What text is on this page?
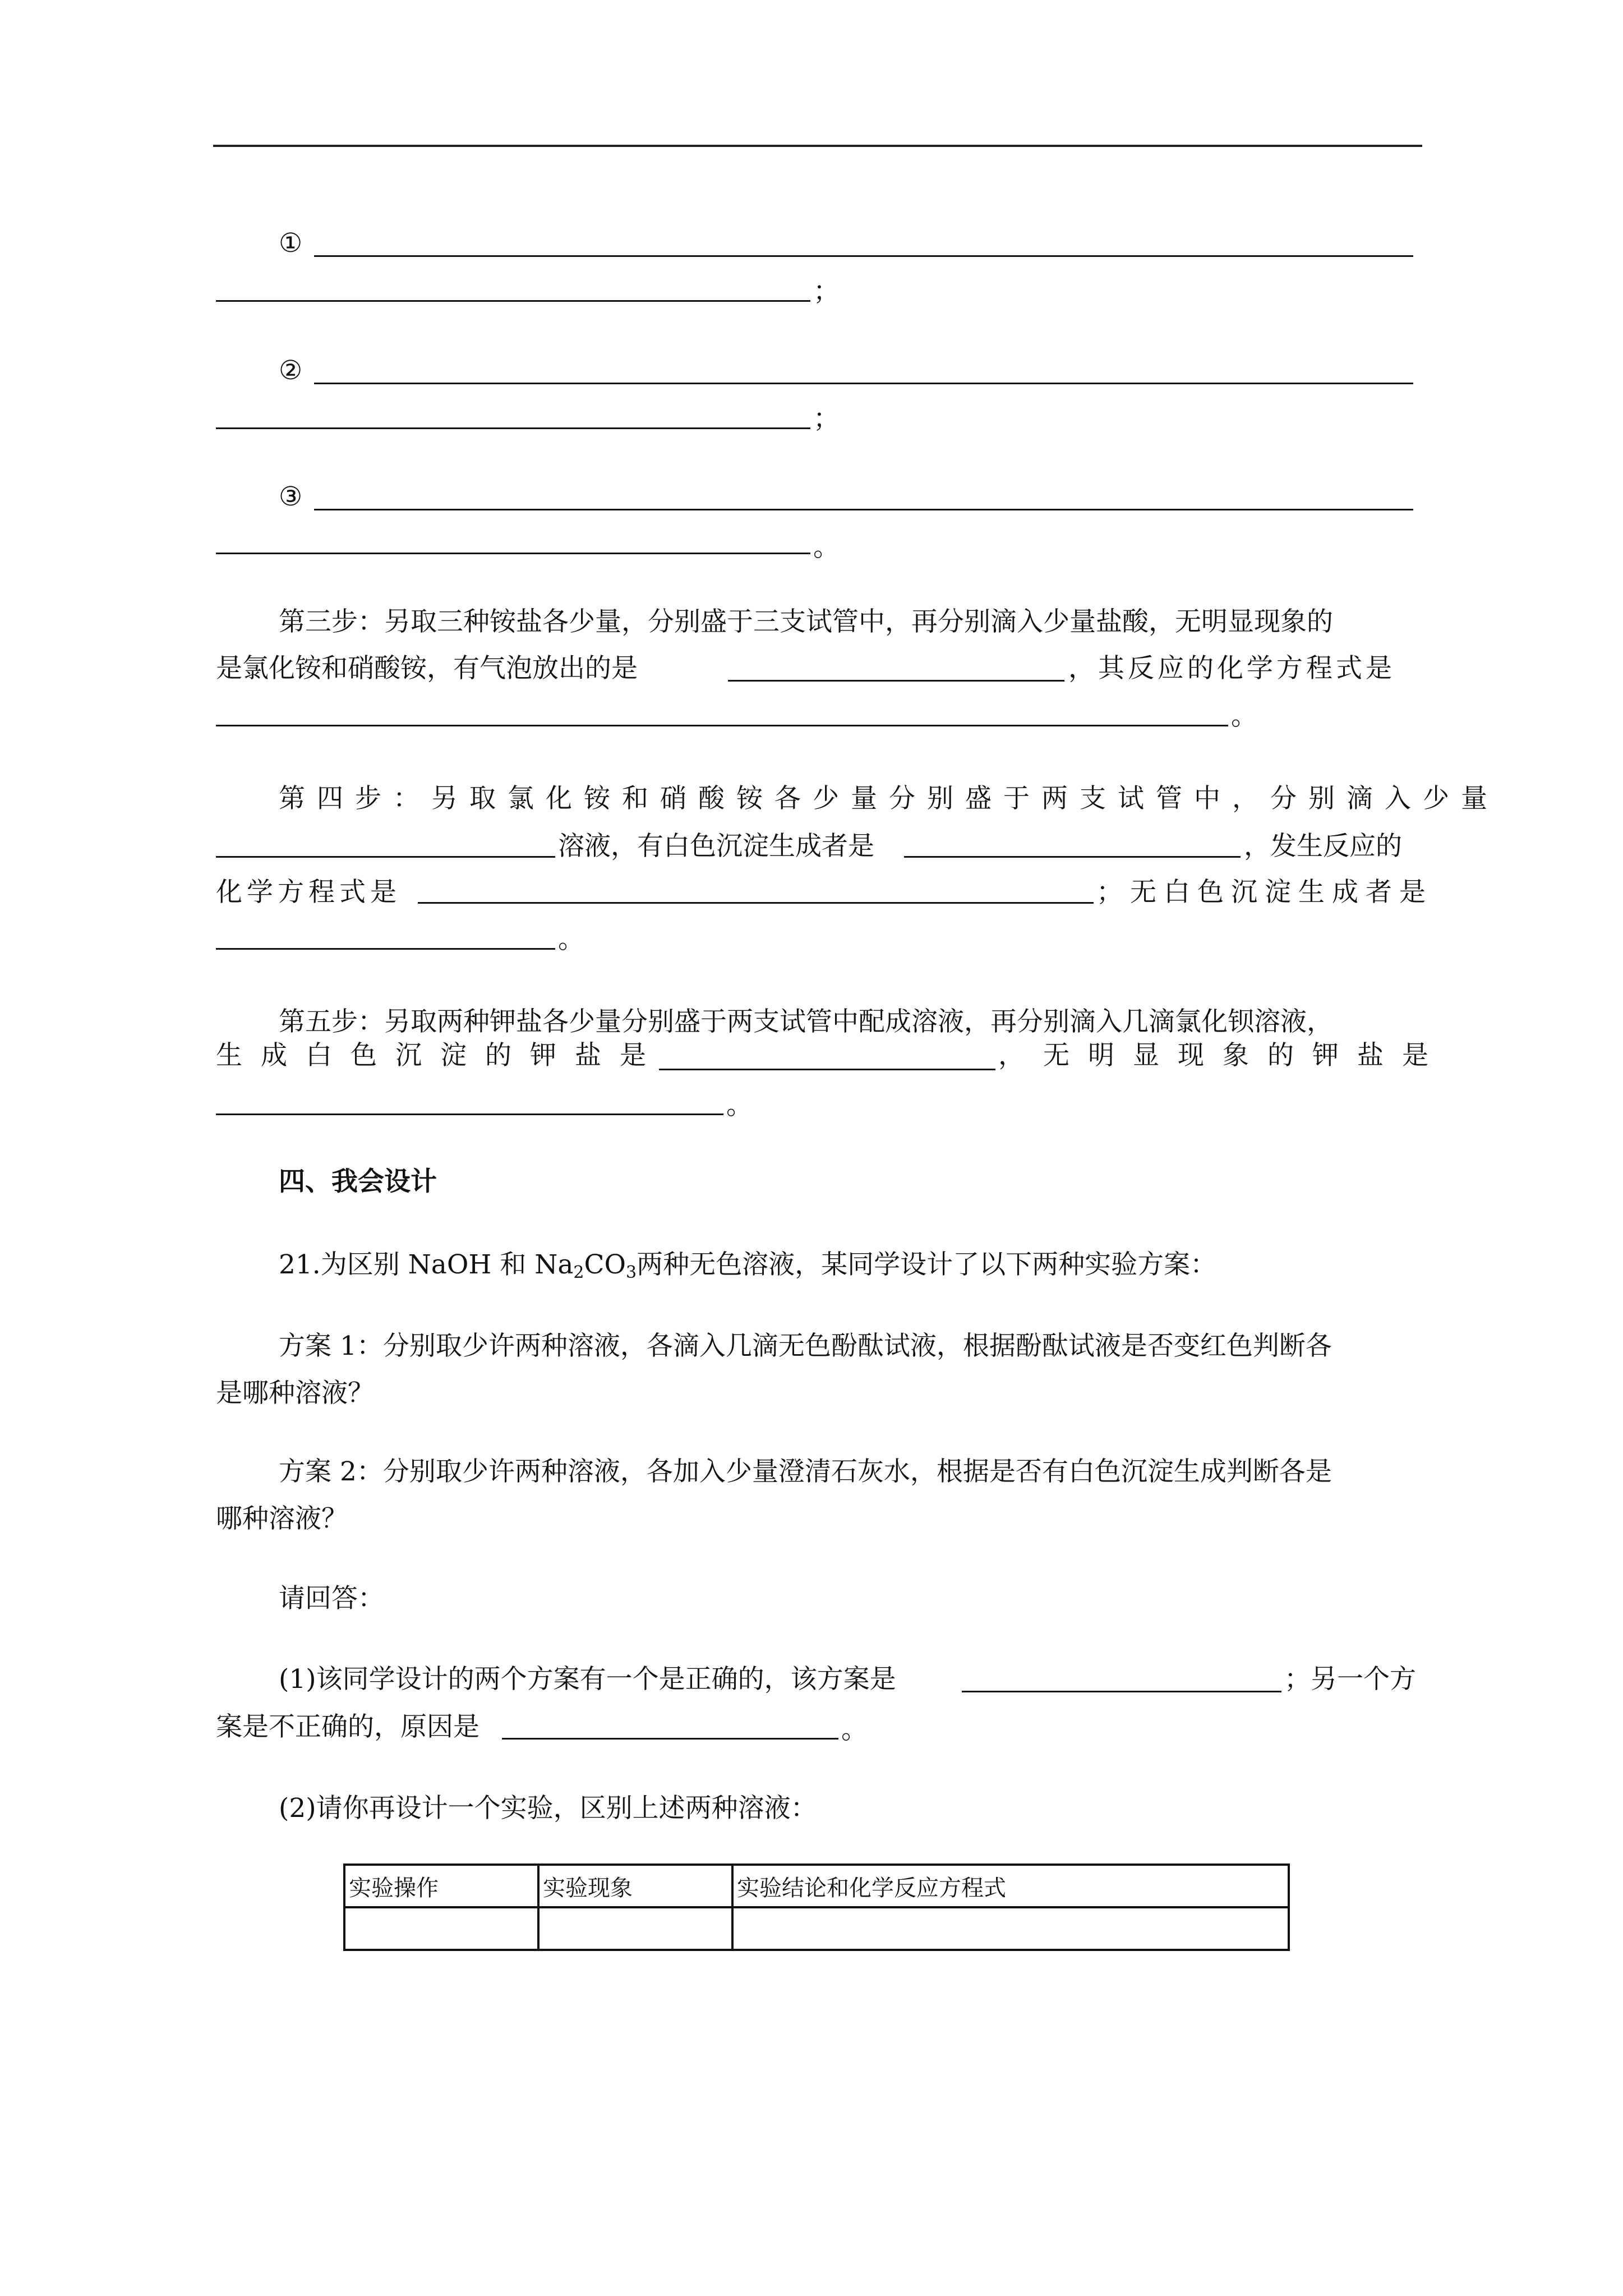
①
；
②
；
③
。
第三步：另取三种铵盐各少量，分别盛于三支试管中，再分别滴入少量盐酸，无明显现象的
是氯化铵和硝酸铵，有气泡放出的是	，其反应的化学方程式是
。
第四步：另取氯化铵和硝酸铵各少量分别盛于两支试管中，分别滴入少量
溶液，有白色沉淀生成者是	，发生反应的
化学方程式是	；无白色沉淀生成者是
。
第五步：另取两种钾盐各少量分别盛于两支试管中配成溶液，再分别滴入几滴氯化钡溶液，
生成白色沉淀的钾盐是	，无明显现象的钾盐是
。
四、我会设计
21.为区别 NaOH 和 $Na_2CO_3$两种无色溶液，某同学设计了以下两种实验方案：
方案 1：分别取少许两种溶液，各滴入几滴无色酚酞试液，根据酚酞试液是否变红色判断各
是哪种溶液？
方案 2：分别取少许两种溶液，各加入少量澄清石灰水，根据是否有白色沉淀生成判断各是
哪种溶液？
请回答：
(1)该同学设计的两个方案有一个是正确的，该方案是	；另一个方
案是不正确的，原因是	。
(2)请你再设计一个实验，区别上述两种溶液：
实验操作	实验现象	实验结论和化学反应方程式
